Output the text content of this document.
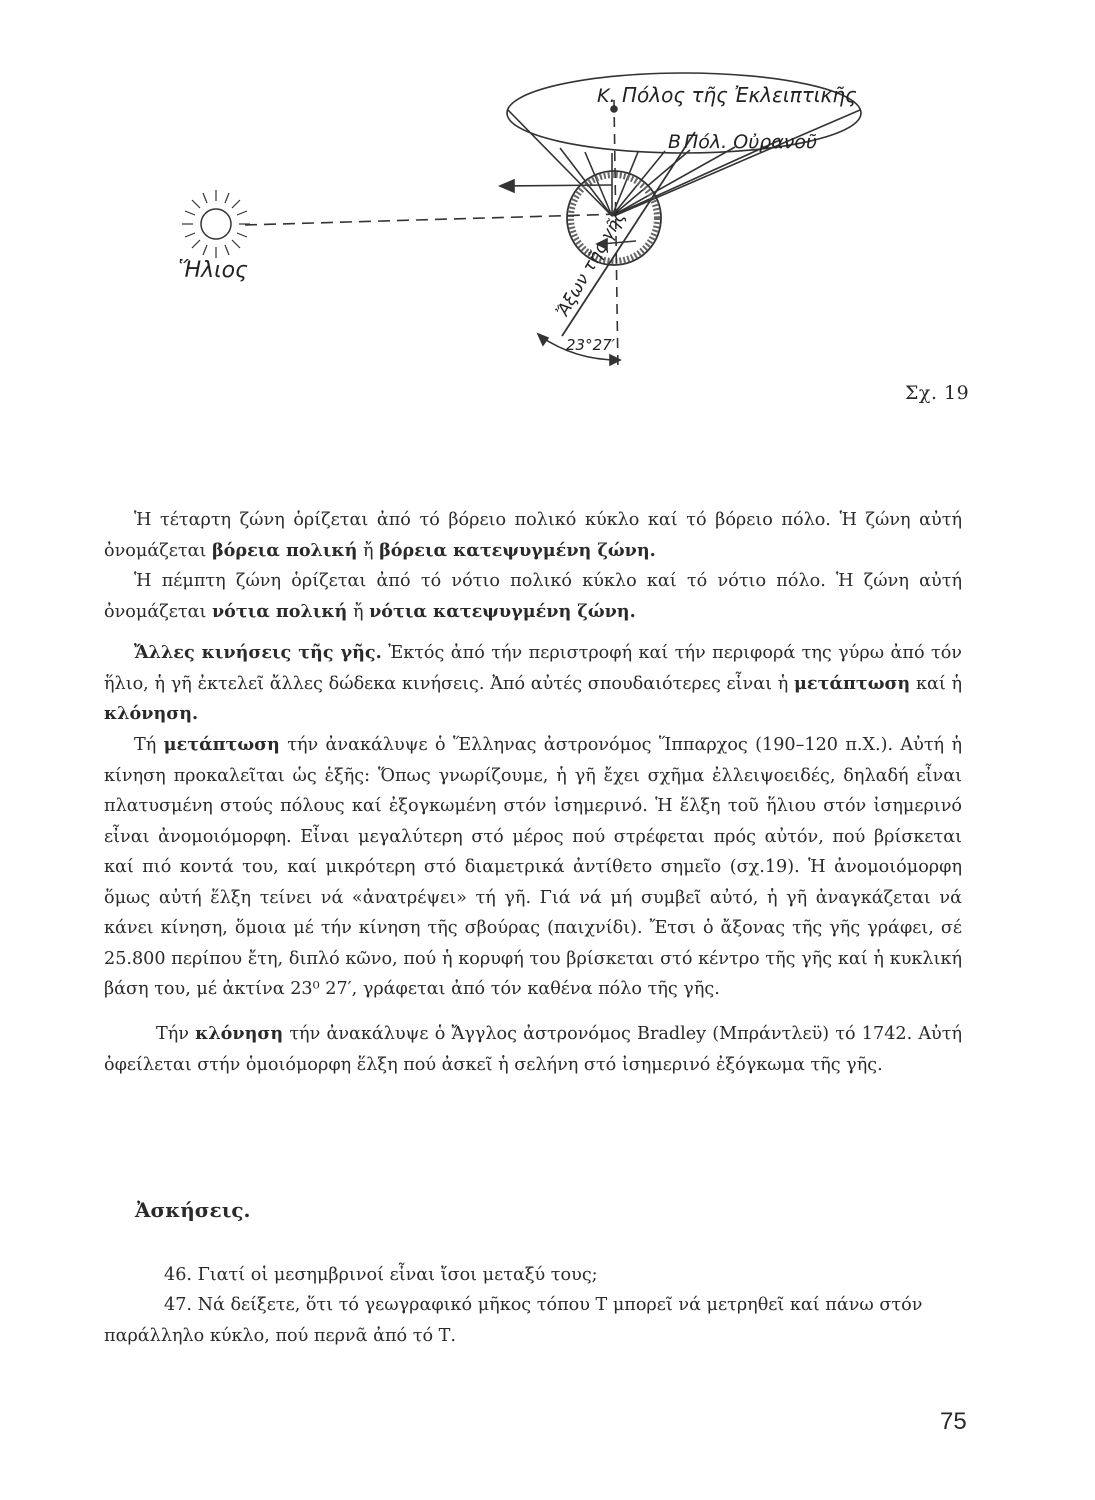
K. Πόλος τῆς Ἐκλειπτικῆς
B Πόλ. Οὐρανοῦ
Ἥλιος	Ἄξων τῆς γῆς
23°27′
Σχ. 19

Ἡ τέταρτη ζώνη ὁρίζεται ἀπό τό βόρειο πολικό κύκλο καί τό βόρειο πόλο. Ἡ ζώνη αὐτή ὀνομάζεται βόρεια πολική ἤ βόρεια κατεψυγμένη ζώνη.

Ἡ πέμπτη ζώνη ὁρίζεται ἀπό τό νότιο πολικό κύκλο καί τό νότιο πόλο. Ἡ ζώνη αὐτή ὀνομάζεται νότια πολική ἤ νότια κατεψυγμένη ζώνη.

Ἄλλες κινήσεις τῆς γῆς. Ἐκτός ἀπό τήν περιστροφή καί τήν περιφορά της γύρω ἀπό τόν ἥλιο, ἡ γῆ ἐκτελεῖ ἄλλες δώδεκα κινήσεις. Ἀπό αὐτές σπουδαιότερες εἶναι ἡ μετάπτωση καί ἡ κλόνηση.

Τή μετάπτωση τήν ἀνακάλυψε ὁ Ἕλληνας ἀστρονόμος Ἵππαρχος (190–120 π.Χ.). Αὐτή ἡ κίνηση προκαλεῖται ὡς ἑξῆς: Ὅπως γνωρίζουμε, ἡ γῆ ἔχει σχῆμα ἐλλειψοειδές, δηλαδή εἶναι πλατυσμένη στούς πόλους καί ἐξογκωμένη στόν ἰσημερινό. Ἡ ἕλξη τοῦ ἥλιου στόν ἰσημερινό εἶναι ἀνομοιόμορφη. Εἶναι μεγαλύτερη στό μέρος πού στρέφεται πρός αὐτόν, πού βρίσκεται καί πιό κοντά του, καί μικρότερη στό διαμετρικά ἀντίθετο σημεῖο (σχ.19). Ἡ ἀνομοιόμορφη ὅμως αὐτή ἕλξη τείνει νά «ἀνατρέψει» τή γῆ. Γιά νά μή συμβεῖ αὐτό, ἡ γῆ ἀναγκάζεται νά κάνει κίνηση, ὅμοια μέ τήν κίνηση τῆς σβούρας (παιχνίδι). Ἔτσι ὁ ἄξονας τῆς γῆς γράφει, σέ 25.800 περίπου ἔτη, διπλό κῶνο, πού ἡ κορυφή του βρίσκεται στό κέντρο τῆς γῆς καί ἡ κυκλική βάση του, μέ ἀκτίνα 23⁰ 27′, γράφεται ἀπό τόν καθένα πόλο τῆς γῆς.

Τήν κλόνηση τήν ἀνακάλυψε ὁ Ἄγγλος ἀστρονόμος Bradley (Μπράντλεϋ) τό 1742. Αὐτή ὀφείλεται στήν ὁμοιόμορφη ἕλξη πού ἀσκεῖ ἡ σελήνη στό ἰσημερινό ἐξόγκωμα τῆς γῆς.

Ἀσκήσεις.

46. Γιατί οἱ μεσημβρινοί εἶναι ἴσοι μεταξύ τους;

47. Νά δείξετε, ὅτι τό γεωγραφικό μῆκος τόπου Τ μπορεῖ νά μετρηθεῖ καί πάνω στόν παράλληλο κύκλο, πού περνᾶ ἀπό τό Τ.

75
